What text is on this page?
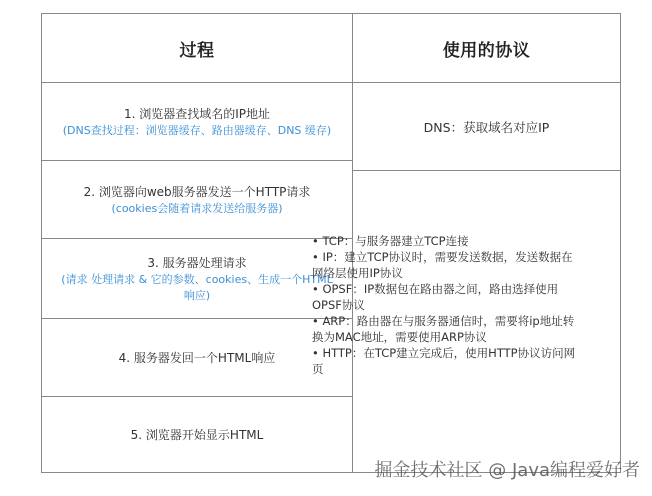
过程	使用的协议
1. 浏览器查找域名的IP地址
(DNS查找过程：浏览器缓存、路由器缓存、DNS 缓存)
2. 浏览器向web服务器发送一个HTTP请求
(cookies会随着请求发送给服务器)
3. 服务器处理请求
(请求 处理请求 & 它的参数、cookies、生成一个HTML 响应)
4. 服务器发回一个HTML响应
5. 浏览器开始显示HTML
DNS：获取域名对应IP

• TCP：与服务器建立TCP连接

• IP：建立TCP协议时，需要发送数据，发送数据在网络层使用IP协议

• OPSF：IP数据包在路由器之间，路由选择使用OPSF协议

• ARP：路由器在与服务器通信时，需要将ip地址转换为MAC地址，需要使用ARP协议

• HTTP：在TCP建立完成后，使用HTTP协议访问网页

掘金技术社区 @ Java编程爱好者
